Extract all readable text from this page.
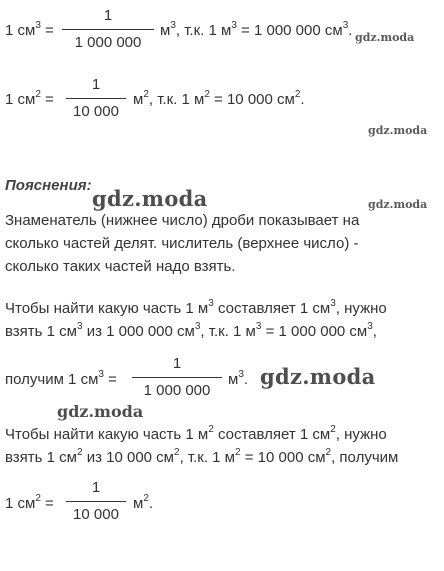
1 $см^3$ =
1
1 000 000
$м^3$, т.к. 1 $м^3 = 1$ 000 000 $см^3$. gdz.moda
1 $см^2$ =
1
10 000
$м^2$, т.к. 1 $м^2 = 10$ 000 $см^2$.
gdz.moda
Пояснения:
gdz.moda	gdz.moda
Знаменатель (нижнее число) дроби показывает на
сколько частей делят. числитель (верхнее число) -
сколько таких частей надо взять.
Чтобы найти какую часть 1 $м^3$ составляет 1 $см^3$, нужно
взять 1 $см^3$ из 1 000 000 $см^3$, т.к. 1 $м^3 = 1$ 000 000 $см^3$,
получим 1 $см^3$ =
1
1 000 000
$м^3$. gdz.moda
gdz.moda
Чтобы найти какую часть 1 $м^2$ составляет 1 $см^2$, нужно
взять 1 $см^2$ из 10 000 $см^2$, т.к. 1 $м^2 = 10$ 000 $см^2$, получим
1 $см^2$ =
1
10 000
$м^2$.
